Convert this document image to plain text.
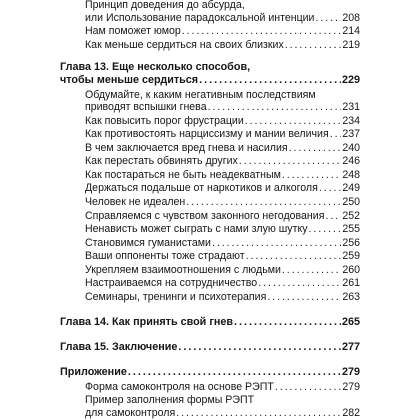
Принцип доведения до абсурда,
или Использование парадоксальной интенции . . .	208
Нам поможет юмор . . .	214
Как меньше сердиться на своих близких . . .	219
Глава 13. Еще несколько способов,
чтобы меньше сердиться . . .	229
Обдумайте, к каким негативным последствиям
приводят вспышки гнева . . .	231
Как повысить порог фрустрации . . .	234
Как противостоять нарциссизму и мании величия . . . 237
В чем заключается вред гнева и насилия . . .	240
Как перестать обвинять других . . .	246
Как постараться не быть неадекватным . . .	248
Держаться подальше от наркотиков и алкоголя . . . 249
Человек не идеален . . .	250
Справляемся с чувством законного негодования . . . 252
Ненависть может сыграть с нами злую шутку . . .	255
Становимся гуманистами . . .	256
Ваши оппоненты тоже страдают . . .	259
Укрепляем взаимоотношения с людьми . . .	260
Настраиваемся на сотрудничество . . .	261
Семинары, тренинги и психотерапия . . .	263
Глава 14. Как принять свой гнев . . .	265
Глава 15. Заключение . . .	277
Приложение . . .	279
Форма самоконтроля на основе РЭПТ . . .	279
Пример заполнения формы РЭПТ
для самоконтроля . . .	282
